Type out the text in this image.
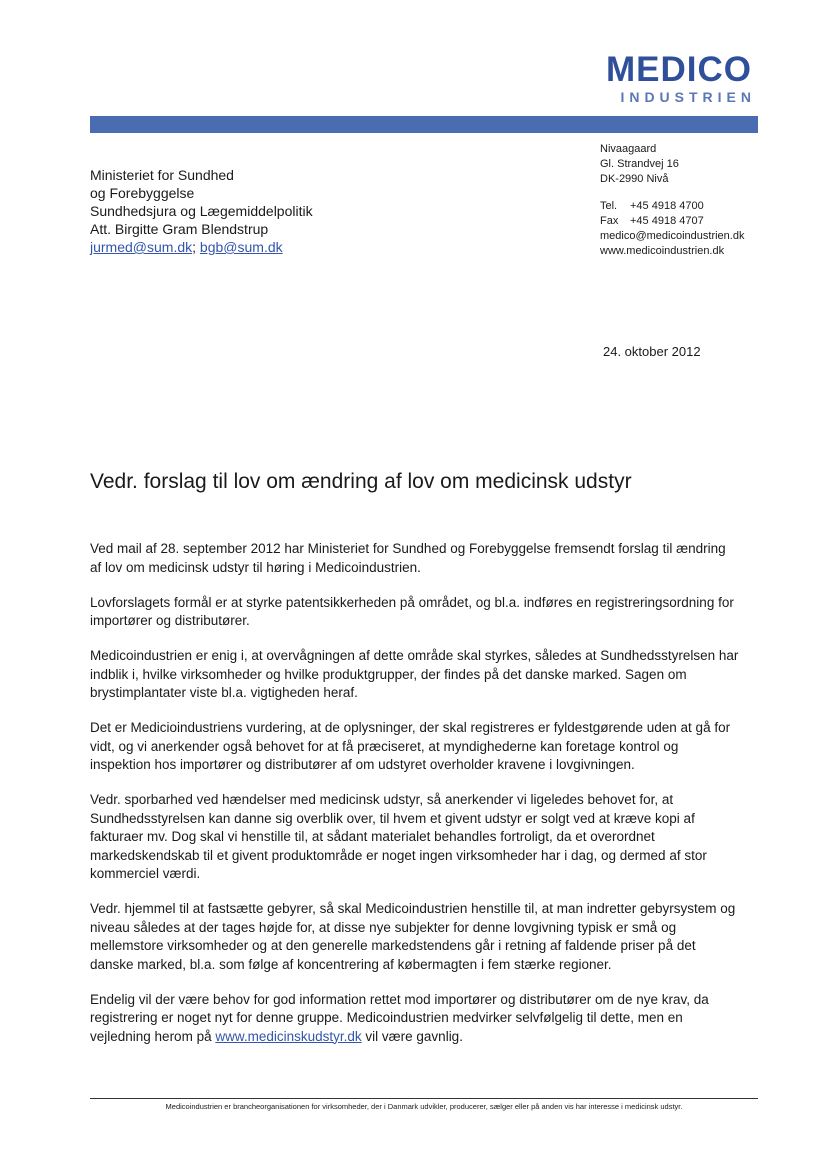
MEDICO
INDUSTRIEN
Ministeriet for Sundhed
og Forebyggelse
Sundhedsjura og Lægemiddelpolitik
Att. Birgitte Gram Blendstrup
jurmed@sum.dk; bgb@sum.dk
Nivaagaard
Gl. Strandvej 16
DK-2990 Nivå
Tel. +45 4918 4700
Fax +45 4918 4707
medico@medicoindustrien.dk
www.medicoindustrien.dk
24. oktober 2012
Vedr. forslag til lov om ændring af lov om medicinsk udstyr

Ved mail af 28. september 2012 har Ministeriet for Sundhed og Forebyggelse fremsendt forslag til ændring af lov om medicinsk udstyr til høring i Medicoindustrien.

Lovforslagets formål er at styrke patentsikkerheden på området, og bl.a. indføres en registreringsordning for importører og distributører.

Medicoindustrien er enig i, at overvågningen af dette område skal styrkes, således at Sundhedsstyrelsen har indblik i, hvilke virksomheder og hvilke produktgrupper, der findes på det danske marked. Sagen om brystimplantater viste bl.a. vigtigheden heraf.

Det er Medicioindustriens vurdering, at de oplysninger, der skal registreres er fyldestgørende uden at gå for vidt, og vi anerkender også behovet for at få præciseret, at myndighederne kan foretage kontrol og inspektion hos importører og distributører af om udstyret overholder kravene i lovgivningen.

Vedr. sporbarhed ved hændelser med medicinsk udstyr, så anerkender vi ligeledes behovet for, at Sundhedsstyrelsen kan danne sig overblik over, til hvem et givent udstyr er solgt ved at kræve kopi af fakturaer mv. Dog skal vi henstille til, at sådant materialet behandles fortroligt, da et overordnet markedskendskab til et givent produktområde er noget ingen virksomheder har i dag, og dermed af stor kommerciel værdi.

Vedr. hjemmel til at fastsætte gebyrer, så skal Medicoindustrien henstille til, at man indretter gebyrsystem og niveau således at der tages højde for, at disse nye subjekter for denne lovgivning typisk er små og mellemstore virksomheder og at den generelle markedstendens går i retning af faldende priser på det danske marked, bl.a. som følge af koncentrering af købermagten i fem stærke regioner.

Endelig vil der være behov for god information rettet mod importører og distributører om de nye krav, da registrering er noget nyt for denne gruppe. Medicoindustrien medvirker selvfølgelig til dette, men en vejledning herom på www.medicinskudstyr.dk vil være gavnlig.

Medicoindustrien er brancheorganisationen for virksomheder, der i Danmark udvikler, producerer, sælger eller på anden vis har interesse i medicinsk udstyr.
